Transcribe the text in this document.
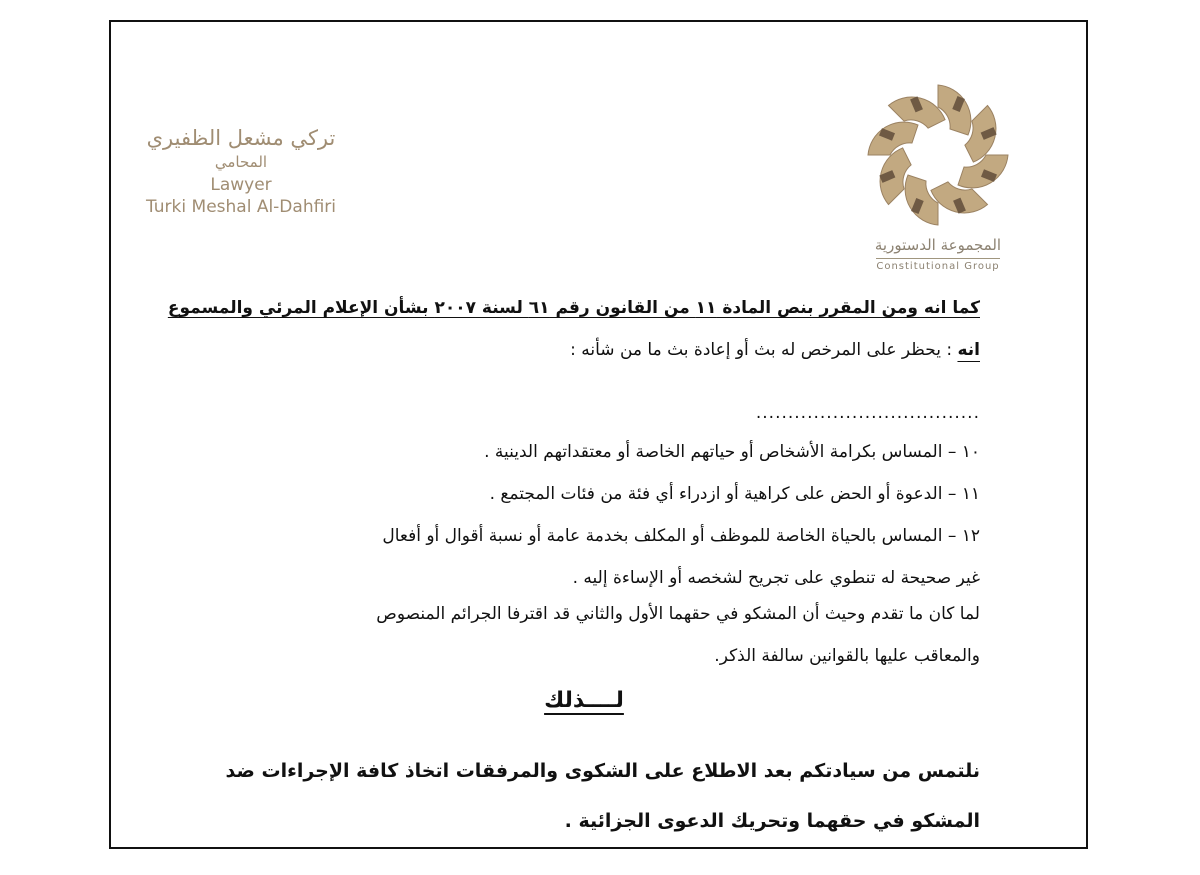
تركي مشعل الظفيري
المحامي
Lawyer
Turki Meshal Al-Dahfiri
المجموعة الدستورية
Constitutional Group
كما انه ومن المقرر بنص المادة ١١ من القانون رقم ٦١ لسنة ٢٠٠٧ بشأن الإعلام المرئي والمسموع
انه : يحظر على المرخص له بث أو إعادة بث ما من شأنه :
...................................
١٠ – المساس بكرامة الأشخاص أو حياتهم الخاصة أو معتقداتهم الدينية .
١١ – الدعوة أو الحض على كراهية أو ازدراء أي فئة من فئات المجتمع .
١٢ – المساس بالحياة الخاصة للموظف أو المكلف بخدمة عامة أو نسبة أقوال أو أفعال
غير صحيحة له تنطوي على تجريح لشخصه أو الإساءة إليه .
لما كان ما تقدم وحيث أن المشكو في حقهما الأول والثاني قد اقترفا الجرائم المنصوص
والمعاقب عليها بالقوانين سالفة الذكر.
لــــذلك
نلتمس من سيادتكم بعد الاطلاع على الشكوى والمرفقات اتخاذ كافة الإجراءات ضد
المشكو في حقهما وتحريك الدعوى الجزائية .
